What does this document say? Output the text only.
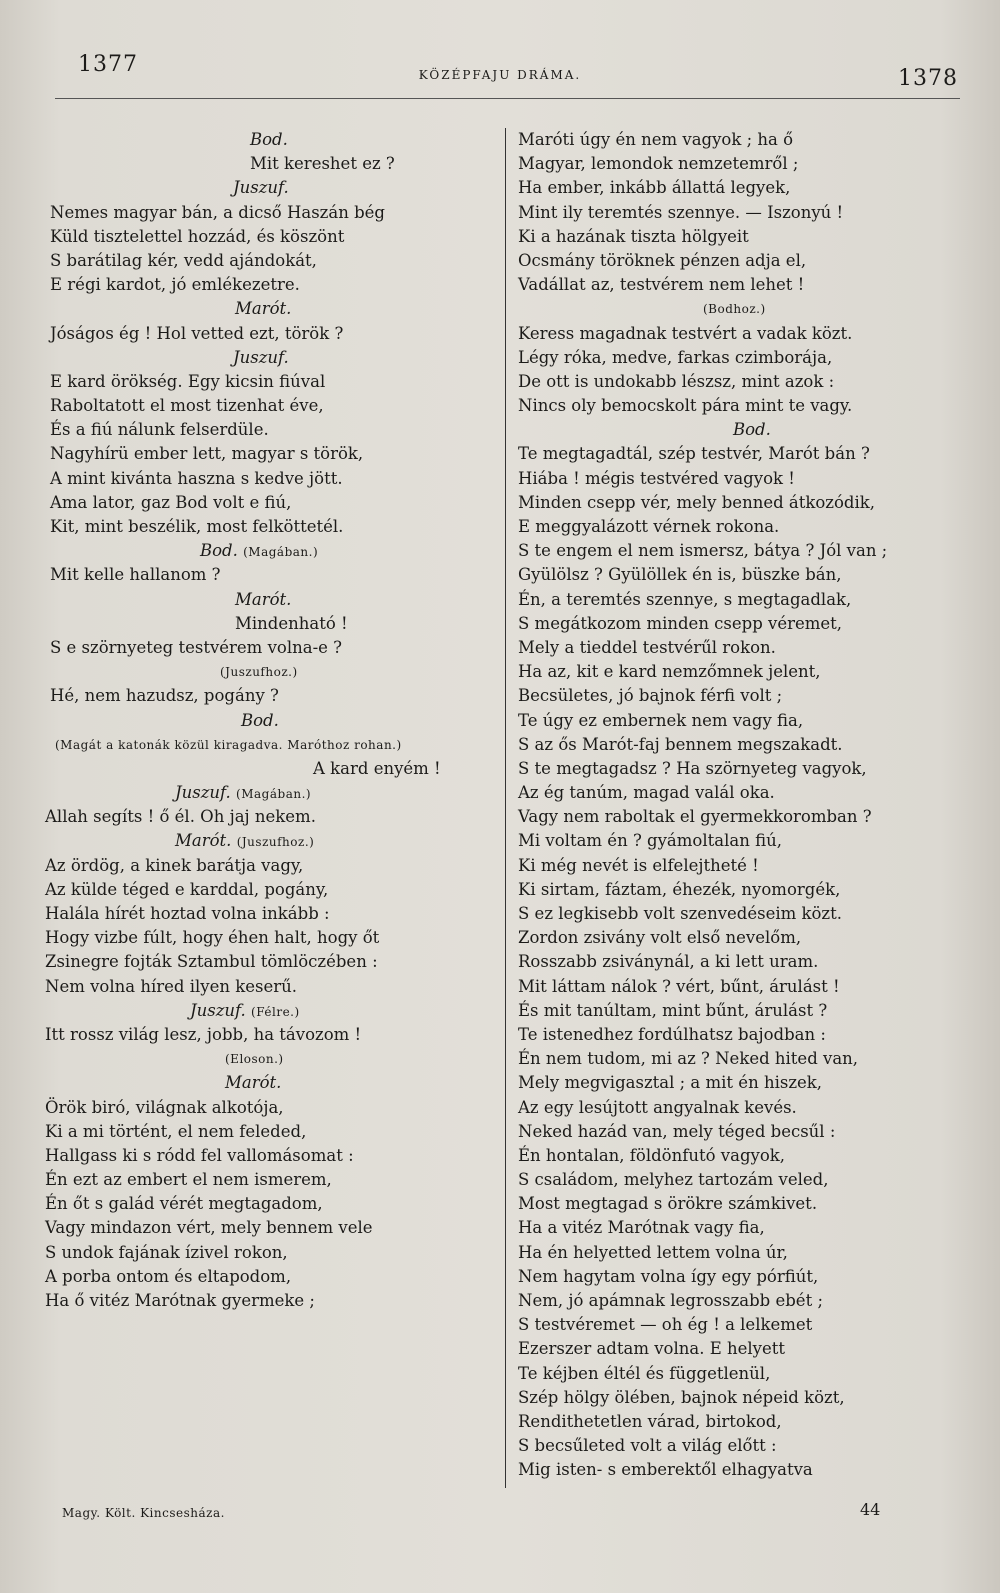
1377	KÖZÉPFAJU DRÁMA.	1378
Bod.
Mit kereshet ez ?
Juszuf.
Nemes magyar bán, a dicső Haszán bég
Küld tisztelettel hozzád, és köszönt
S barátilag kér, vedd ajándokát,
E régi kardot, jó emlékezetre.
Marót.
Jóságos ég ! Hol vetted ezt, török ?
Juszuf.
E kard örökség. Egy kicsin fiúval
Raboltatott el most tizenhat éve,
És a fiú nálunk felserdüle.
Nagyhírü ember lett, magyar s török,
A mint kivánta haszna s kedve jött.
Ama lator, gaz Bod volt e fiú,
Kit, mint beszélik, most felköttetél.
Bod. (Magában.)
Mit kelle hallanom ?
Marót.
Mindenható !
S e szörnyeteg testvérem volna-e ?
(Juszufhoz.)
Hé, nem hazudsz, pogány ?
Bod.
(Magát a katonák közül kiragadva. Maróthoz rohan.)
A kard enyém !
Juszuf. (Magában.)
Allah segíts ! ő él. Oh jaj nekem.
Marót. (Juszufhoz.)
Az ördög, a kinek barátja vagy,
Az külde téged e karddal, pogány,
Halála hírét hoztad volna inkább :
Hogy vizbe fúlt, hogy éhen halt, hogy őt
Zsinegre fojták Sztambul tömlöczében :
Nem volna híred ilyen keserű.
Juszuf. (Félre.)
Itt rossz világ lesz, jobb, ha távozom !
(Eloson.)
Marót.
Örök biró, világnak alkotója,
Ki a mi történt, el nem feleded,
Hallgass ki s ródd fel vallomásomat :
Én ezt az embert el nem ismerem,
Én őt s galád vérét megtagadom,
Vagy mindazon vért, mely bennem vele
S undok fajának ízivel rokon,
A porba ontom és eltapodom,
Ha ő vitéz Marótnak gyermeke ;
Maróti úgy én nem vagyok ; ha ő
Magyar, lemondok nemzetemről ;
Ha ember, inkább állattá legyek,
Mint ily teremtés szennye. — Iszonyú !
Ki a hazának tiszta hölgyeit
Ocsmány töröknek pénzen adja el,
Vadállat az, testvérem nem lehet !
(Bodhoz.)
Keress magadnak testvért a vadak közt.
Légy róka, medve, farkas czimborája,
De ott is undokabb lészsz, mint azok :
Nincs oly bemocskolt pára mint te vagy.
Bod.
Te megtagadtál, szép testvér, Marót bán ?
Hiába ! mégis testvéred vagyok !
Minden csepp vér, mely benned átkozódik,
E meggyalázott vérnek rokona.
S te engem el nem ismersz, bátya ? Jól van ;
Gyülölsz ? Gyülöllek én is, büszke bán,
Én, a teremtés szennye, s megtagadlak,
S megátkozom minden csepp véremet,
Mely a tieddel testvérűl rokon.
Ha az, kit e kard nemzőmnek jelent,
Becsületes, jó bajnok férfi volt ;
Te úgy ez embernek nem vagy fia,
S az ős Marót-faj bennem megszakadt.
S te megtagadsz ? Ha szörnyeteg vagyok,
Az ég tanúm, magad valál oka.
Vagy nem raboltak el gyermekkoromban ?
Mi voltam én ? gyámoltalan fiú,
Ki még nevét is elfelejtheté !
Ki sirtam, fáztam, éhezék, nyomorgék,
S ez legkisebb volt szenvedéseim közt.
Zordon zsivány volt első nevelőm,
Rosszabb zsiványnál, a ki lett uram.
Mit láttam nálok ? vért, bűnt, árulást !
És mit tanúltam, mint bűnt, árulást ?
Te istenedhez fordúlhatsz bajodban :
Én nem tudom, mi az ? Neked hited van,
Mely megvigasztal ; a mit én hiszek,
Az egy lesújtott angyalnak kevés.
Neked hazád van, mely téged becsűl :
Én hontalan, földönfutó vagyok,
S családom, melyhez tartozám veled,
Most megtagad s örökre számkivet.
Ha a vitéz Marótnak vagy fia,
Ha én helyetted lettem volna úr,
Nem hagytam volna így egy pórfiút,
Nem, jó apámnak legrosszabb ebét ;
S testvéremet — oh ég ! a lelkemet
Ezerszer adtam volna. E helyett
Te kéjben éltél és függetlenül,
Szép hölgy ölében, bajnok népeid közt,
Rendithetetlen várad, birtokod,
S becsűleted volt a világ előtt :
Mig isten- s emberektől elhagyatva
Magy. Költ. Kincsesháza.	44
